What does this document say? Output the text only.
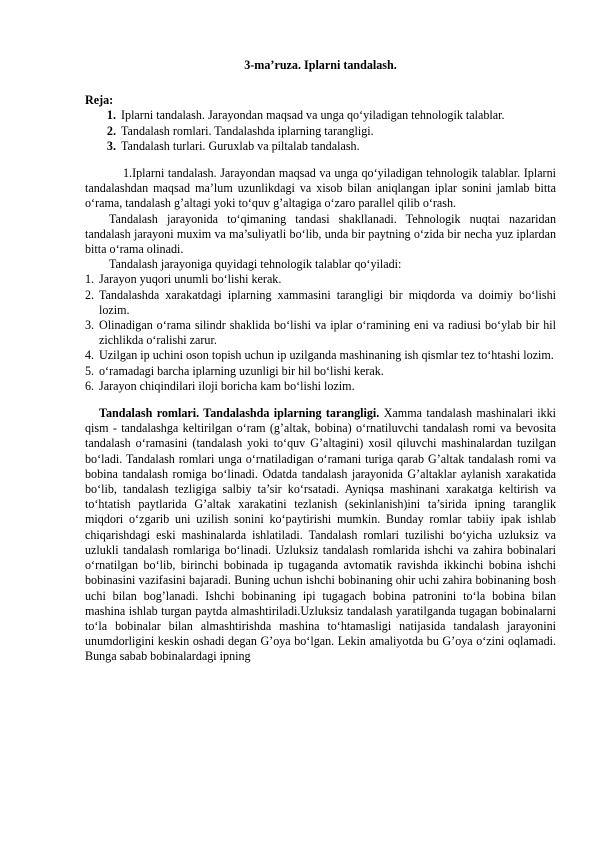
3-ma’ruza. Iplarni tandalash.
Reja:
1. Iplarni tandalash. Jarayondan maqsad va unga qo‘yiladigan tehnologik talablar.
2. Tandalash romlari. Tandalashda iplarning tarangligi.
3. Tandalash turlari. Guruxlab va piltalab tandalash.

1.Iplarni tandalash. Jarayondan maqsad va unga qo‘yiladigan tehnologik talablar. Iplarni tandalashdan maqsad ma’lum uzunlikdagi va xisob bilan aniqlangan iplar sonini jamlab bitta o‘rama, tandalash g’altagi yoki to‘quv g’altagiga o‘zaro parallel qilib o‘rash.

Tandalash jarayonida to‘qimaning tandasi shakllanadi. Tehnologik nuqtai nazaridan tandalash jarayoni muxim va ma’suliyatli bo‘lib, unda bir paytning o‘zida bir necha yuz iplardan bitta o‘rama olinadi.

Tandalash jarayoniga quyidagi tehnologik talablar qo‘yiladi:

1. Jarayon yuqori unumli bo‘lishi kerak.
2. Tandalashda xarakatdagi iplarning xammasini tarangligi bir miqdorda va doimiy bo‘lishi lozim.
3. Olinadigan o‘rama silindr shaklida bo‘lishi va iplar o‘ramining eni va radiusi bo‘ylab bir hil zichlikda o‘ralishi zarur.
4. Uzilgan ip uchini oson topish uchun ip uzilganda mashinaning ish qismlar tez to‘htashi lozim.
5. o‘ramadagi barcha iplarning uzunligi bir hil bo‘lishi kerak.
6. Jarayon chiqindilari iloji boricha kam bo‘lishi lozim.

Tandalash romlari. Tandalashda iplarning tarangligi. Xamma tandalash mashinalari ikki qism - tandalashga keltirilgan o‘ram (g’altak, bobina) o‘rnatiluvchi tandalash romi va bevosita tandalash o‘ramasini (tandalash yoki to‘quv G’altagini) xosil qiluvchi mashinalardan tuzilgan bo‘ladi. Tandalash romlari unga o‘rnatiladigan o‘ramani turiga qarab G’altak tandalash romi va bobina tandalash romiga bo‘linadi. Odatda tandalash jarayonida G’altaklar aylanish xarakatida bo‘lib, tandalash tezligiga salbiy ta’sir ko‘rsatadi. Ayniqsa mashinani xarakatga keltirish va to‘htatish paytlarida G’altak xarakatini tezlanish (sekinlanish)ini ta’sirida ipning taranglik miqdori o‘zgarib uni uzilish sonini ko‘paytirishi mumkin. Bunday romlar tabiiy ipak ishlab chiqarishdagi eski mashinalarda ishlatiladi. Tandalash romlari tuzilishi bo‘yicha uzluksiz va uzlukli tandalash romlariga bo‘linadi. Uzluksiz tandalash romlarida ishchi va zahira bobinalari o‘rnatilgan bo‘lib, birinchi bobinada ip tugaganda avtomatik ravishda ikkinchi bobina ishchi bobinasini vazifasini bajaradi. Buning uchun ishchi bobinaning ohir uchi zahira bobinaning bosh uchi bilan bog’lanadi. Ishchi bobinaning ipi tugagach bobina patronini to‘la bobina bilan mashina ishlab turgan paytda almashtiriladi.Uzluksiz tandalash yaratilganda tugagan bobinalarni to‘la bobinalar bilan almashtirishda mashina to‘htamasligi natijasida tandalash jarayonini unumdorligini keskin oshadi degan G’oya bo‘lgan. Lekin amaliyotda bu G’oya o‘zini oqlamadi. Bunga sabab bobinalardagi ipning
